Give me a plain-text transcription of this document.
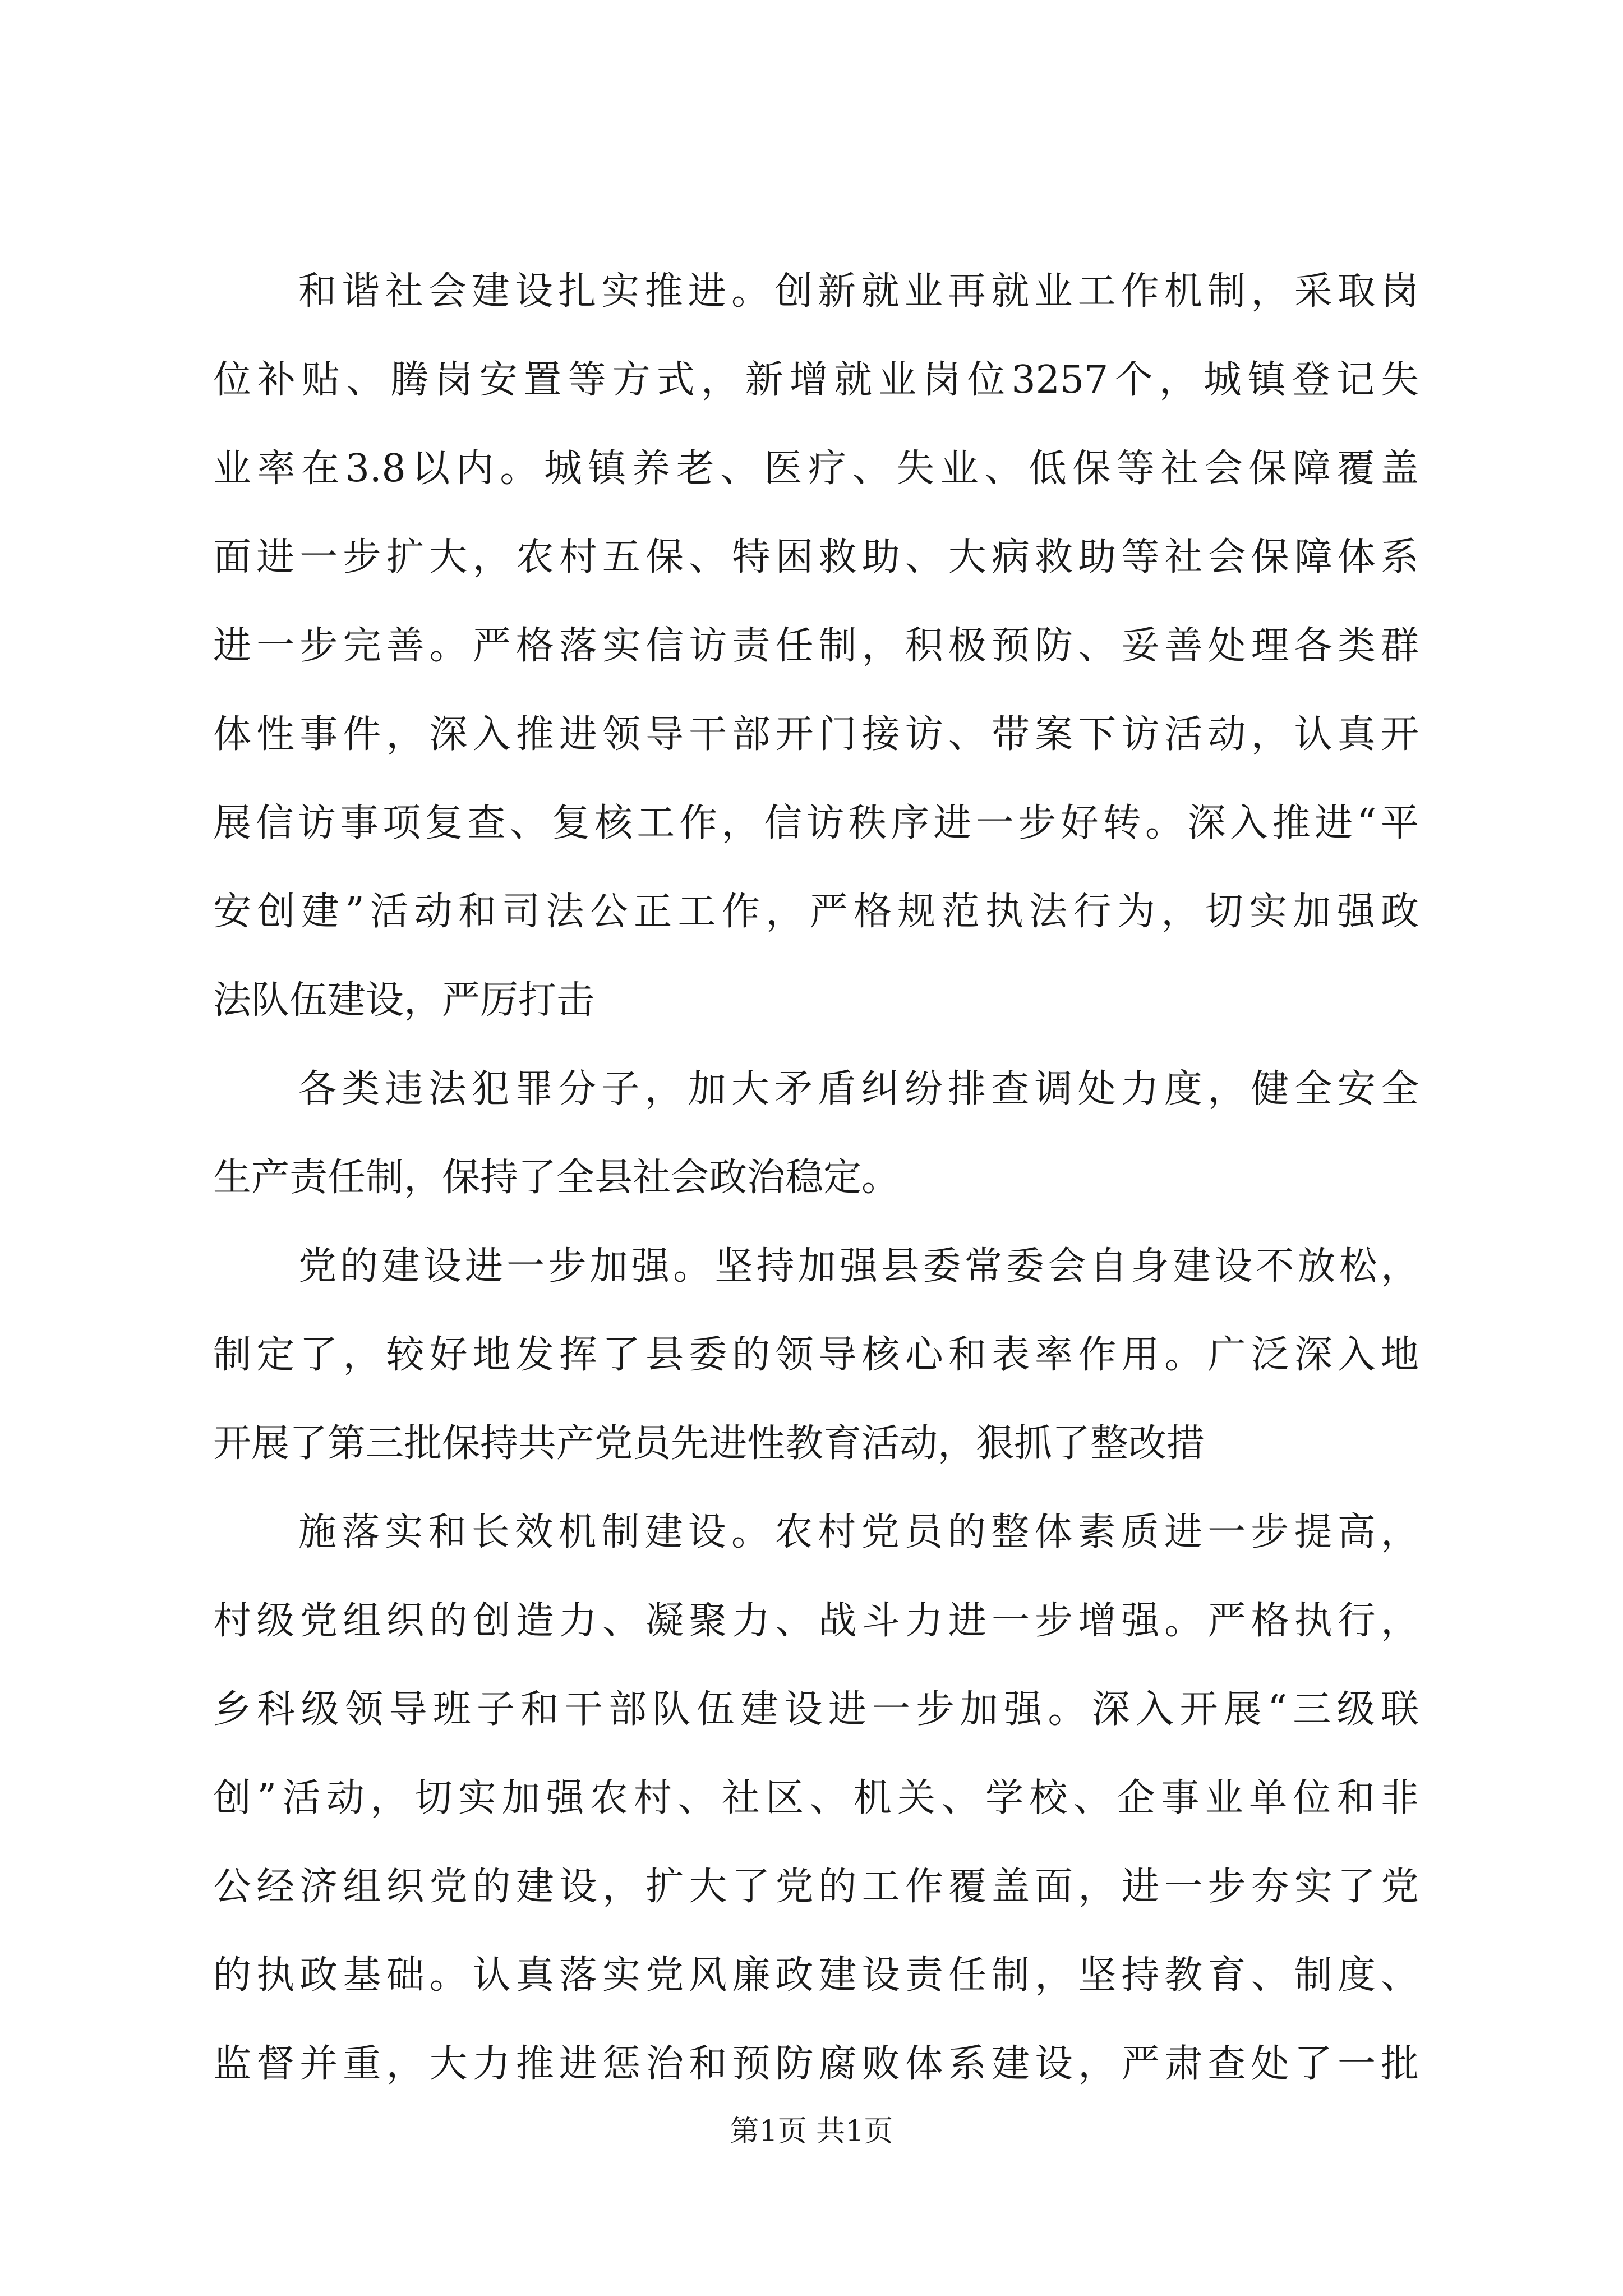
和谐社会建设扎实推进。创新就业再就业工作机制，采取岗
位补贴、腾岗安置等方式，新增就业岗位3257个，城镇登记失
业率在3.8以内。城镇养老、医疗、失业、低保等社会保障覆盖
面进一步扩大，农村五保、特困救助、大病救助等社会保障体系
进一步完善。严格落实信访责任制，积极预防、妥善处理各类群
体性事件，深入推进领导干部开门接访、带案下访活动，认真开
展信访事项复查、复核工作，信访秩序进一步好转。深入推进“平
安创建”活动和司法公正工作，严格规范执法行为，切实加强政
法队伍建设，严厉打击
各类违法犯罪分子，加大矛盾纠纷排查调处力度，健全安全
生产责任制，保持了全县社会政治稳定。
党的建设进一步加强。坚持加强县委常委会自身建设不放松，
制定了，较好地发挥了县委的领导核心和表率作用。广泛深入地
开展了第三批保持共产党员先进性教育活动，狠抓了整改措
施落实和长效机制建设。农村党员的整体素质进一步提高，
村级党组织的创造力、凝聚力、战斗力进一步增强。严格执行，
乡科级领导班子和干部队伍建设进一步加强。深入开展“三级联
创”活动，切实加强农村、社区、机关、学校、企事业单位和非
公经济组织党的建设，扩大了党的工作覆盖面，进一步夯实了党
监督并重，大力推进惩治和预防腐败体系建设，严肃查处了一批
的执政基础。认真落实党风廉政建设责任制，坚持教育、制度、
第1页 共1页
